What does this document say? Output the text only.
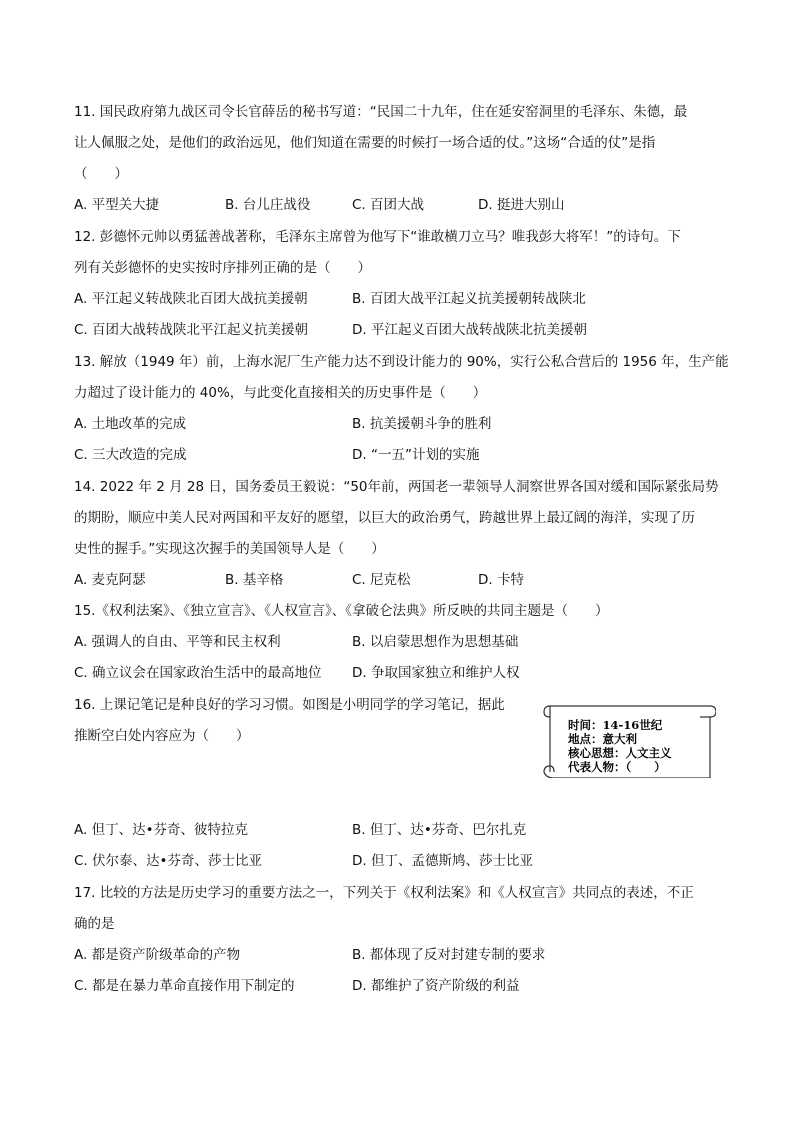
11. 国民政府第九战区司令长官薛岳的秘书写道：“民国二十九年，住在延安窑洞里的毛泽东、朱德，最
让人佩服之处，是他们的政治远见，他们知道在需要的时候打一场合适的仗。”这场“合适的仗”是指
（　　）
A. 平型关大捷	B. 台儿庄战役	C. 百团大战	D. 挺进大别山
12. 彭德怀元帅以勇猛善战著称，毛泽东主席曾为他写下“谁敢横刀立马？唯我彭大将军！”的诗句。下
列有关彭德怀的史实按时序排列正确的是（　　）
A. 平江起义转战陕北百团大战抗美援朝	B. 百团大战平江起义抗美援朝转战陕北
C. 百团大战转战陕北平江起义抗美援朝	D. 平江起义百团大战转战陕北抗美援朝
13. 解放（1949 年）前，上海水泥厂生产能力达不到设计能力的 90%，实行公私合营后的 1956 年，生产能
力超过了设计能力的 40%，与此变化直接相关的历史事件是（　　）
A. 土地改革的完成	B. 抗美援朝斗争的胜利
C. 三大改造的完成	D. “一五”计划的实施
14. 2022 年 2 月 28 日，国务委员王毅说：“50年前，两国老一辈领导人洞察世界各国对缓和国际紧张局势
的期盼，顺应中美人民对两国和平友好的愿望，以巨大的政治勇气，跨越世界上最辽阔的海洋，实现了历
史性的握手。”实现这次握手的美国领导人是（　　）
A. 麦克阿瑟	B. 基辛格	C. 尼克松	D. 卡特
15.《权利法案》、《独立宣言》、《人权宣言》、《拿破仑法典》所反映的共同主题是（　　）
A. 强调人的自由、平等和民主权利	B. 以启蒙思想作为思想基础
C. 确立议会在国家政治生活中的最高地位 D. 争取国家独立和维护人权
16. 上课记笔记是种良好的学习习惯。如图是小明同学的学习笔记，据此
推断空白处内容应为（　　）
时间：14-16世纪
地点：意大利
核心思想：人文主义
代表人物：（　　）
A. 但丁、达•芬奇、彼特拉克	B. 但丁、达•芬奇、巴尔扎克
C. 伏尔泰、达•芬奇、莎士比亚	D. 但丁、孟德斯鸠、莎士比亚
17. 比较的方法是历史学习的重要方法之一，下列关于《权利法案》和《人权宣言》共同点的表述，不正
确的是
A. 都是资产阶级革命的产物	B. 都体现了反对封建专制的要求
C. 都是在暴力革命直接作用下制定的	D. 都维护了资产阶级的利益
